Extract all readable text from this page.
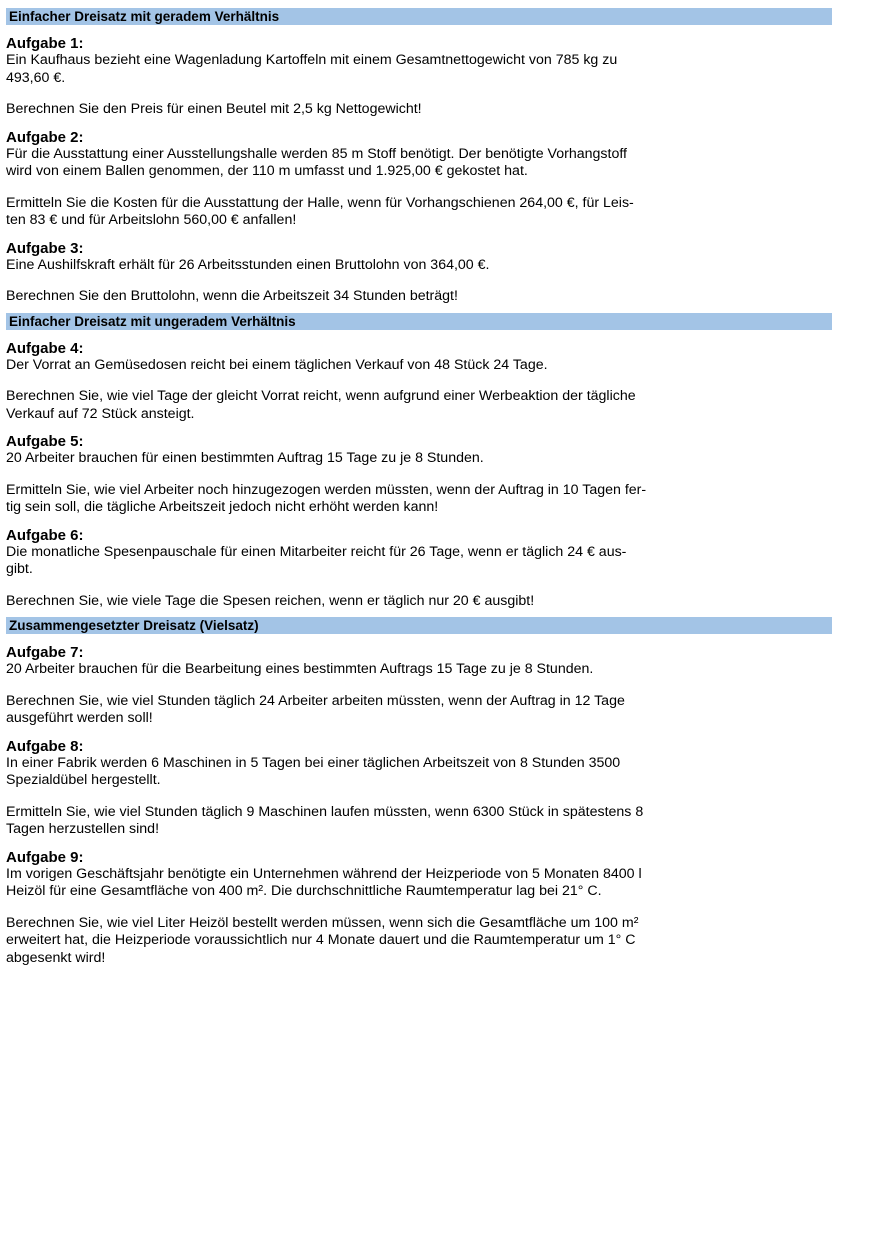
Einfacher Dreisatz mit geradem Verhältnis
Aufgabe 1:

Ein Kaufhaus bezieht eine Wagenladung Kartoffeln mit einem Gesamtnettogewicht von 785 kg zu
493,60 €.

Berechnen Sie den Preis für einen Beutel mit 2,5 kg Nettogewicht!

Aufgabe 2:

Für die Ausstattung einer Ausstellungshalle werden 85 m Stoff benötigt. Der benötigte Vorhangstoff
wird von einem Ballen genommen, der 110 m umfasst und 1.925,00 € gekostet hat.

Ermitteln Sie die Kosten für die Ausstattung der Halle, wenn für Vorhangschienen 264,00 €, für Leis-
ten 83 € und für Arbeitslohn 560,00 € anfallen!

Aufgabe 3:

Eine Aushilfskraft erhält für 26 Arbeitsstunden einen Bruttolohn von 364,00 €.

Berechnen Sie den Bruttolohn, wenn die Arbeitszeit 34 Stunden beträgt!

Einfacher Dreisatz mit ungeradem Verhältnis
Aufgabe 4:

Der Vorrat an Gemüsedosen reicht bei einem täglichen Verkauf von 48 Stück 24 Tage.

Berechnen Sie, wie viel Tage der gleicht Vorrat reicht, wenn aufgrund einer Werbeaktion der tägliche
Verkauf auf 72 Stück ansteigt.

Aufgabe 5:

20 Arbeiter brauchen für einen bestimmten Auftrag 15 Tage zu je 8 Stunden.

Ermitteln Sie, wie viel Arbeiter noch hinzugezogen werden müssten, wenn der Auftrag in 10 Tagen fer-
tig sein soll, die tägliche Arbeitszeit jedoch nicht erhöht werden kann!

Aufgabe 6:

Die monatliche Spesenpauschale für einen Mitarbeiter reicht für 26 Tage, wenn er täglich 24 € aus-
gibt.

Berechnen Sie, wie viele Tage die Spesen reichen, wenn er täglich nur 20 € ausgibt!

Zusammengesetzter Dreisatz (Vielsatz)
Aufgabe 7:

20 Arbeiter brauchen für die Bearbeitung eines bestimmten Auftrags 15 Tage zu je 8 Stunden.

Berechnen Sie, wie viel Stunden täglich 24 Arbeiter arbeiten müssten, wenn der Auftrag in 12 Tage
ausgeführt werden soll!

Aufgabe 8:

In einer Fabrik werden 6 Maschinen in 5 Tagen bei einer täglichen Arbeitszeit von 8 Stunden 3500
Spezialdübel hergestellt.

Ermitteln Sie, wie viel Stunden täglich 9 Maschinen laufen müssten, wenn 6300 Stück in spätestens 8
Tagen herzustellen sind!

Aufgabe 9:

Im vorigen Geschäftsjahr benötigte ein Unternehmen während der Heizperiode von 5 Monaten 8400 l
Heizöl für eine Gesamtfläche von 400 m². Die durchschnittliche Raumtemperatur lag bei 21° C.

Berechnen Sie, wie viel Liter Heizöl bestellt werden müssen, wenn sich die Gesamtfläche um 100 m²
erweitert hat, die Heizperiode voraussichtlich nur 4 Monate dauert und die Raumtemperatur um 1° C
abgesenkt wird!
